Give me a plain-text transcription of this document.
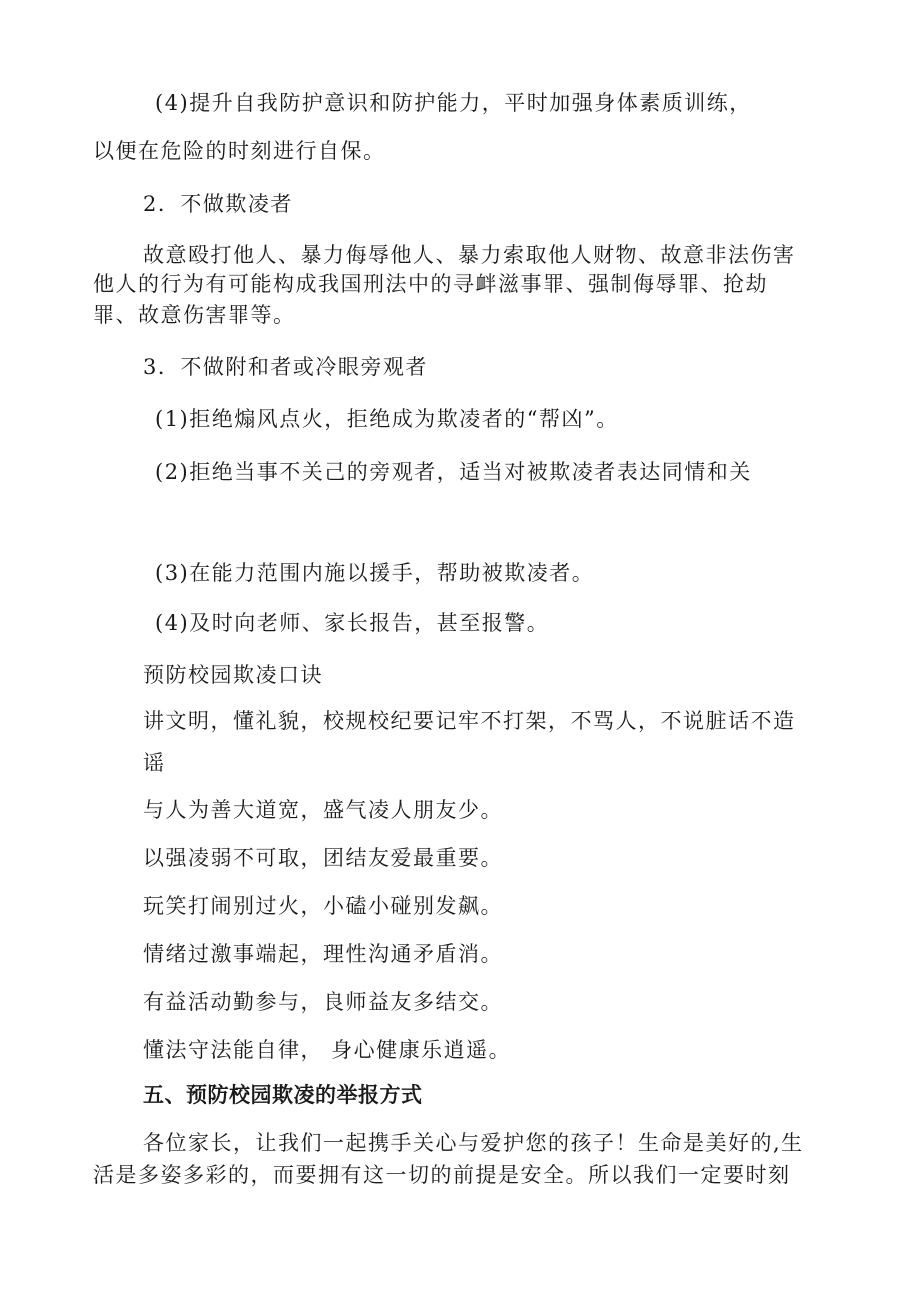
(4)提升自我防护意识和防护能力，平时加强身体素质训练，
以便在危险的时刻进行自保。
2．不做欺凌者
故意殴打他人、暴力侮辱他人、暴力索取他人财物、故意非法伤害
他人的行为有可能构成我国刑法中的寻衅滋事罪、强制侮辱罪、抢劫
罪、故意伤害罪等。
3．不做附和者或冷眼旁观者
(1)拒绝煽风点火，拒绝成为欺凌者的“帮凶”。
(2)拒绝当事不关己的旁观者，适当对被欺凌者表达同情和关
(3)在能力范围内施以援手，帮助被欺凌者。
(4)及时向老师、家长报告，甚至报警。
预防校园欺凌口诀
讲文明，懂礼貌，校规校纪要记牢不打架，不骂人，不说脏话不造
谣
与人为善大道宽，盛气凌人朋友少。
以强凌弱不可取，团结友爱最重要。
玩笑打闹别过火，小磕小碰别发飙。
情绪过激事端起，理性沟通矛盾消。
有益活动勤参与，良师益友多结交。
懂法守法能自律， 身心健康乐逍遥。
五、预防校园欺凌的举报方式
各位家长，让我们一起携手关心与爱护您的孩子！生命是美好的,生
活是多姿多彩的，而要拥有这一切的前提是安全。所以我们一定要时刻
